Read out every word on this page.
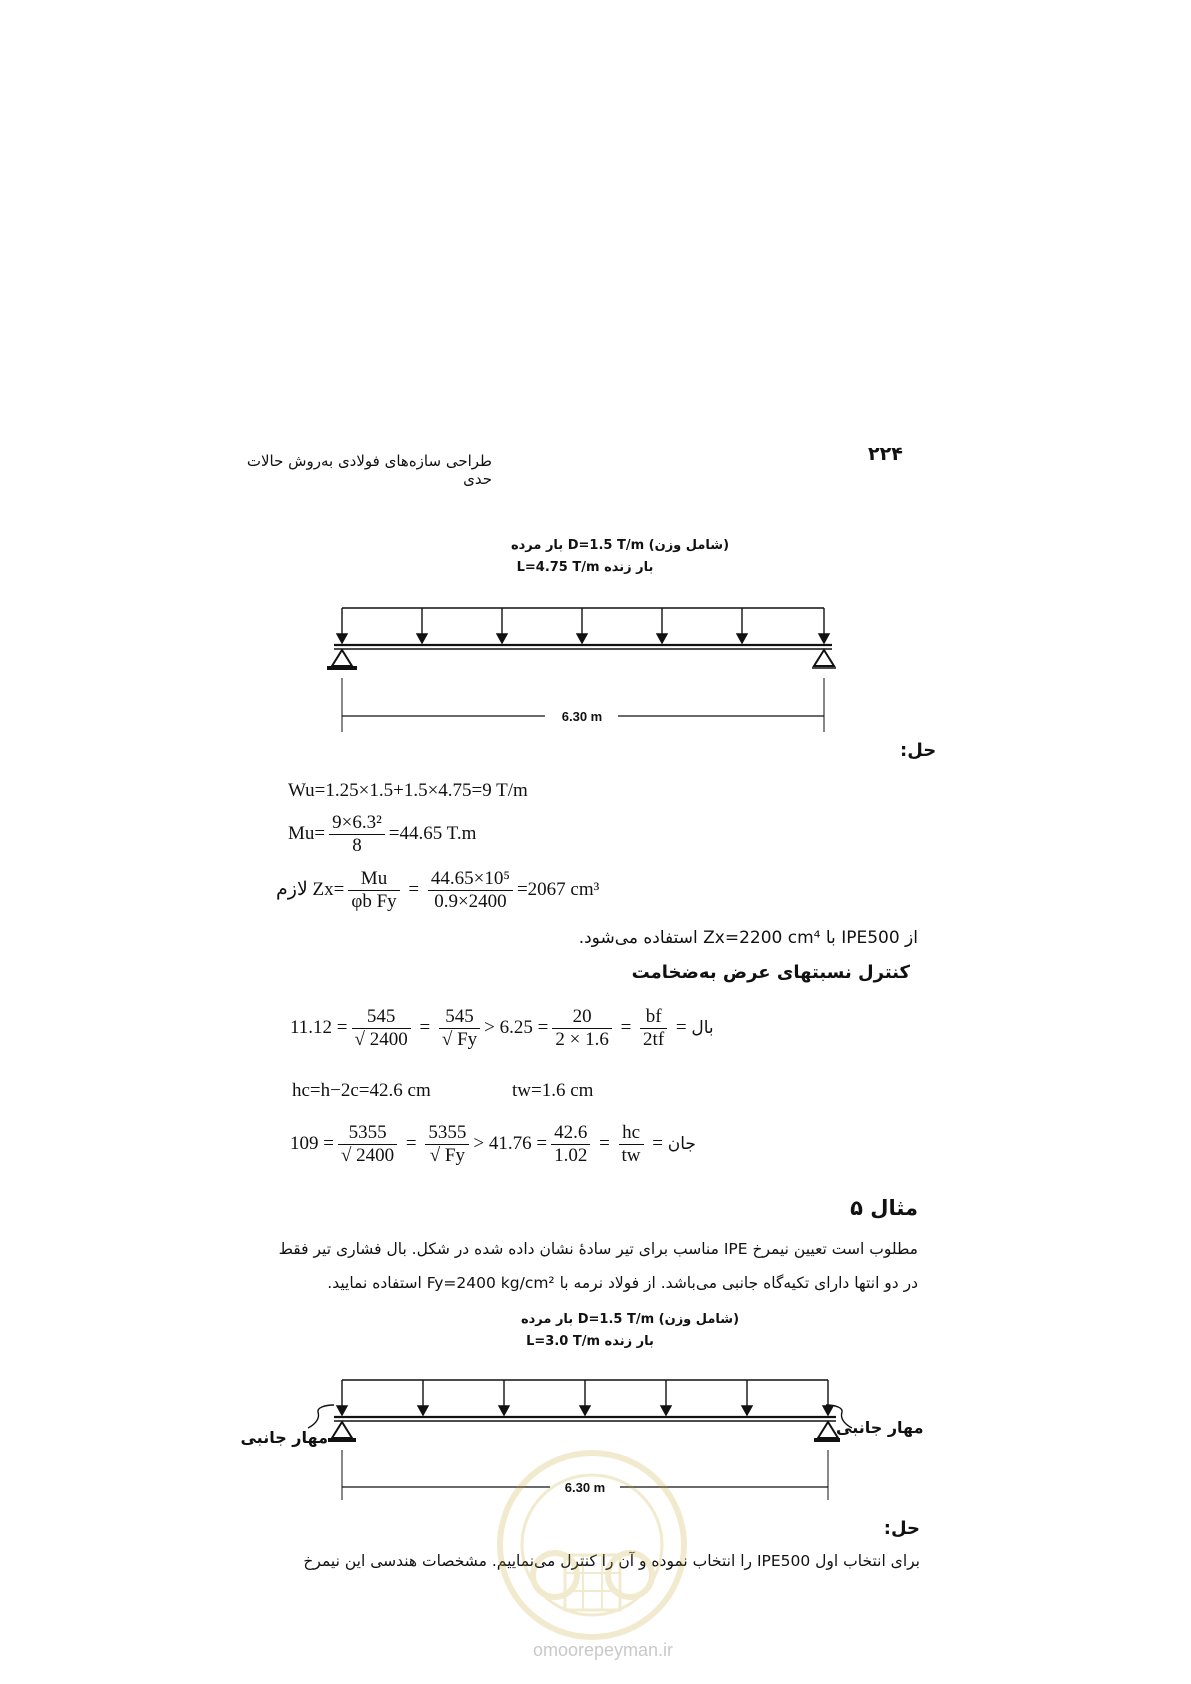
۲۲۴
طراحی سازه‌های فولادی به‌روش حالات حدی
(شامل وزن) D=1.5 T/m بار مرده
L=4.75 T/m بار زنده
6.30 m
حل:
Wu=1.25×1.5+1.5×4.75=9 T/m
$Mu= \frac{\text{9×6.3²}}{8} =44.65$ T.m
لازم $Zx= \frac{Mu}{\text{φb Fy}} = \frac{\text{44.65×10⁵}}{0.9\times 2400} =2067$ cm³
از IPE500 با Zx=2200 cm⁴ استفاده می‌شود.
کنترل نسبتهای عرض به‌ضخامت
بال =
$\frac{bf}{2tf}$
=
$\frac{20}{2 \times 1.6}$
= 6.25 <
$\frac{545}{√ Fy}$
=
$\frac{545}{√ 2400}$
= 11.12
hc=h−2c=42.6 cm	tw=1.6 cm
جان =
$\frac{hc}{tw}$
=
$\frac{42.6}{1.02}$
= 41.76 <
$\frac{5355}{√ Fy}$
=
$\frac{5355}{√ 2400}$
= 109
مثال ۵
مطلوب است تعیین نیمرخ IPE مناسب برای تیر سادهٔ نشان داده شده در شکل. بال فشاری تیر فقط
در دو انتها دارای تکیه‌گاه جانبی می‌باشد. از فولاد نرمه با Fy=2400 kg/cm² استفاده نمایید.
(شامل وزن) D=1.5 T/m بار مرده
L=3.0 T/m بار زنده
6.30 m
مهار جانبی
مهار جانبی
حل:
برای انتخاب اول IPE500 را انتخاب نموده و آن را کنترل می‌نماییم. مشخصات هندسی این نیمرخ
omoorepeyman.ir
